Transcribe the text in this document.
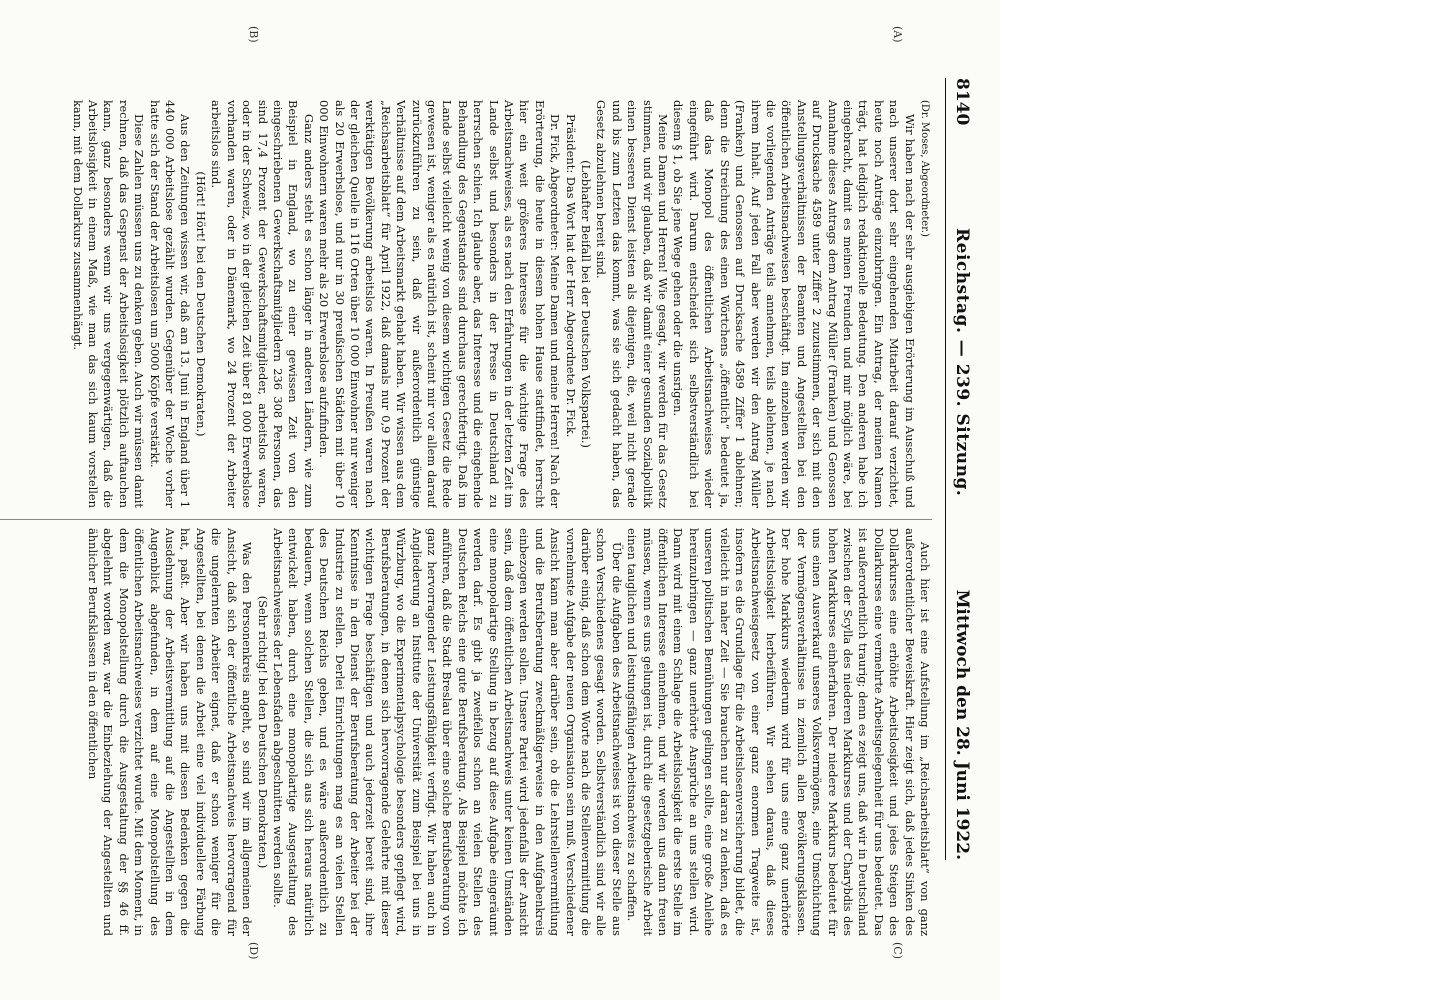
8140
Reichstag. — 239. Sitzung.
Mittwoch den 28. Juni 1922.
(A)
(B)
(C)
(D)

(Dr. Moses, Abgeordneter.)

Wir haben nach der sehr ausgiebigen Erörterung im Ausschuß und nach unserer dort sehr eingehenden Mitarbeit darauf verzichtet, heute noch Anträge einzubringen. Ein Antrag, der meinen Namen trägt, hat lediglich redaktionelle Bedeutung. Den anderen habe ich eingebracht, damit es meinen Freunden und mir möglich wäre, bei Annahme dieses Antrags dem Antrag Müller (Franken) und Genossen auf Drucksache 4589 unter Ziffer 2 zuzustimmen, der sich mit den Anstellungsverhältnissen der Beamten und Angestellten bei den öffentlichen Arbeitsnachweisen beschäftigt. Im einzelnen werden wir die vorliegenden Anträge teils annehmen, teils ablehnen, je nach ihrem Inhalt. Auf jeden Fall aber werden wir den Antrag Müller (Franken) und Genossen auf Drucksache 4589 Ziffer 1 ablehnen; denn die Streichung des einen Wörtchens „öffentlich“ bedeutet ja, daß das Monopol des öffentlichen Arbeitsnachweises wieder eingeführt wird. Darum entscheidet sich selbstverständlich bei diesem § 1, ob Sie jene Wege gehen oder die unsrigen.

Meine Damen und Herren! Wie gesagt, wir werden für das Gesetz stimmen, und wir glauben, daß wir damit einer gesunden Sozialpolitik einen besseren Dienst leisten als diejenigen, die, weil nicht gerade und bis zum Letzten das kommt, was sie sich gedacht haben, das Gesetz abzulehnen bereit sind.

(Lebhafter Beifall bei der Deutschen Volkspartei.)

Präsident: Das Wort hat der Herr Abgeordnete Dr. Fick.

Dr. Fick, Abgeordneter: Meine Damen und meine Herren! Nach der Erörterung, die heute in diesem hohen Hause stattfindet, herrscht hier ein weit größeres Interesse für die wichtige Frage des Arbeitsnachweises, als es nach den Erfahrungen in der letzten Zeit im Lande selbst und besonders in der Presse in Deutschland zu herrschen schien. Ich glaube aber, das Interesse und die eingehende Behandlung des Gegenstandes sind durchaus gerechtfertigt. Daß im Lande selbst vielleicht wenig von diesem wichtigen Gesetz die Rede gewesen ist, weniger als es natürlich ist, scheint mir vor allem darauf zurückzuführen zu sein, daß wir außerordentlich günstige Verhältnisse auf dem Arbeitsmarkt gehabt haben. Wir wissen aus dem „Reichsarbeitsblatt“ für April 1922, daß damals nur 0,9 Prozent der werktätigen Bevölkerung arbeitslos waren. In Preußen waren nach der gleichen Quelle in 116 Orten über 10 000 Einwohner nur weniger als 20 Erwerbslose, und nur in 30 preußischen Städten mit über 10 000 Einwohnern waren mehr als 20 Erwerbslose aufzufinden.

Ganz anders steht es schon länger in anderen Ländern, wie zum Beispiel in England, wo zu einer gewissen Zeit von den eingeschriebenen Gewerkschaftsmitgliedern 236 308 Personen, das sind 17,4 Prozent der Gewerkschaftsmitglieder, arbeitslos waren, oder in der Schweiz, wo in der gleichen Zeit über 81 000 Erwerbslose vorhanden waren, oder in Dänemark, wo 24 Prozent der Arbeiter arbeitslos sind.

(Hört! Hört! bei den Deutschen Demokraten.)

Aus den Zeitungen wissen wir, daß am 13. Juni in England über 1 440 000 Arbeitslose gezählt wurden. Gegenüber der Woche vorher hatte sich der Stand der Arbeitslosen um 5000 Köpfe verstärkt.

Diese Zahlen müssen uns zu denken geben. Auch wir müssen damit rechnen, daß das Gespenst der Arbeitslosigkeit plötzlich auftauchen kann, ganz besonders wenn wir uns vergegenwärtigen, daß die Arbeitslosigkeit in einem Maß, wie man das sich kaum vorstellen kann, mit dem Dollarkurs zusammenhängt.

Auch hier ist eine Aufstellung im „Reichsarbeitsblatt“ von ganz außerordentlicher Beweiskraft. Hier zeigt sich, daß jedes Sinken des Dollarkurses eine erhöhte Arbeitslosigkeit und jedes Steigen des Dollarkurses eine vermehrte Arbeitsgelegenheit für uns bedeutet. Das ist außerordentlich traurig; denn es zeigt uns, daß wir in Deutschland zwischen der Scylla des niederen Markkurses und der Charybdis des hohen Markkurses einherfahren. Der niedere Markkurs bedeutet für uns einen Ausverkauf unseres Volksvermögens, eine Umschichtung der Vermögensverhältnisse in ziemlich allen Bevölkerungsklassen. Der hohe Markkurs wiederum wird für uns eine ganz unerhörte Arbeitslosigkeit herbeiführen. Wir sehen daraus, daß dieses Arbeitsnachweisgesetz von einer ganz enormen Tragweite ist, insofern es die Grundlage für die Arbeitslosenversicherung bildet, die vielleicht in naher Zeit — Sie brauchen nur daran zu denken, daß es unseren politischen Bemühungen gelingen sollte, eine große Anleihe hereinzubringen — ganz unerhörte Ansprüche an uns stellen wird. Dann wird mit einem Schlage die Arbeitslosigkeit die erste Stelle im öffentlichen Interesse einnehmen, und wir werden uns dann freuen müssen, wenn es uns gelungen ist, durch die gesetzgeberische Arbeit einen tauglichen und leistungsfähigen Arbeitsnachweis zu schaffen.

Über die Aufgaben des Arbeitsnachweises ist von dieser Stelle aus schon Verschiedenes gesagt worden. Selbstverständlich sind wir alle darüber einig, daß schon dem Worte nach die Stellenvermittlung die vornehmste Aufgabe der neuen Organisation sein muß. Verschiedener Ansicht kann man aber darüber sein, ob die Lehrstellenvermittlung und die Berufsberatung zweckmäßigerweise in den Aufgabenkreis einbezogen werden sollen. Unsere Partei wird jedenfalls der Ansicht sein, daß dem öffentlichen Arbeitsnachweis unter keinen Umständen eine monopolartige Stellung in bezug auf diese Aufgabe eingeräumt werden darf. Es gibt ja zweifellos schon an vielen Stellen des Deutschen Reichs eine gute Berufsberatung. Als Beispiel möchte ich anführen, daß die Stadt Breslau über eine solche Berufsberatung von ganz hervorragender Leistungsfähigkeit verfügt. Wir haben auch in Angliederung an Institute der Universität zum Beispiel bei uns in Würzburg, wo die Experimentalpsychologie besonders gepflegt wird, Berufsberatungen, in denen sich hervorragende Gelehrte mit dieser wichtigen Frage beschäftigen und auch jederzeit bereit sind, ihre Kenntnisse in den Dienst der Berufsberatung der Arbeiter bei der Industrie zu stellen. Derlei Einrichtungen mag es an vielen Stellen des Deutschen Reichs geben, und es wäre außerordentlich zu bedauern, wenn solchen Stellen, die sich aus sich heraus natürlich entwickelt haben, durch eine monopolartige Ausgestaltung des Arbeitsnachweises der Lebensfaden abgeschnitten werden sollte.

(Sehr richtig! bei den Deutschen Demokraten.)

Was den Personenkreis angeht, so sind wir im allgemeinen der Ansicht, daß sich der öffentliche Arbeitsnachweis hervorragend für die ungelernten Arbeiter eignet, daß er schon weniger für die Angestellten, bei denen die Arbeit eine viel individuellere Färbung hat, paßt. Aber wir haben uns mit diesen Bedenken gegen die Ausdehnung der Arbeitsvermittlung auf die Angestellten in dem Augenblick abgefunden, in dem auf eine Monopolstellung des öffentlichen Arbeitsnachweises verzichtet wurde. Mit dem Moment, in dem die Monopolstellung durch die Ausgestaltung der §§ 46 ff. abgelehnt worden war, war die Einbeziehung der Angestellten und ähnlicher Berufsklassen in den öffentlichen
